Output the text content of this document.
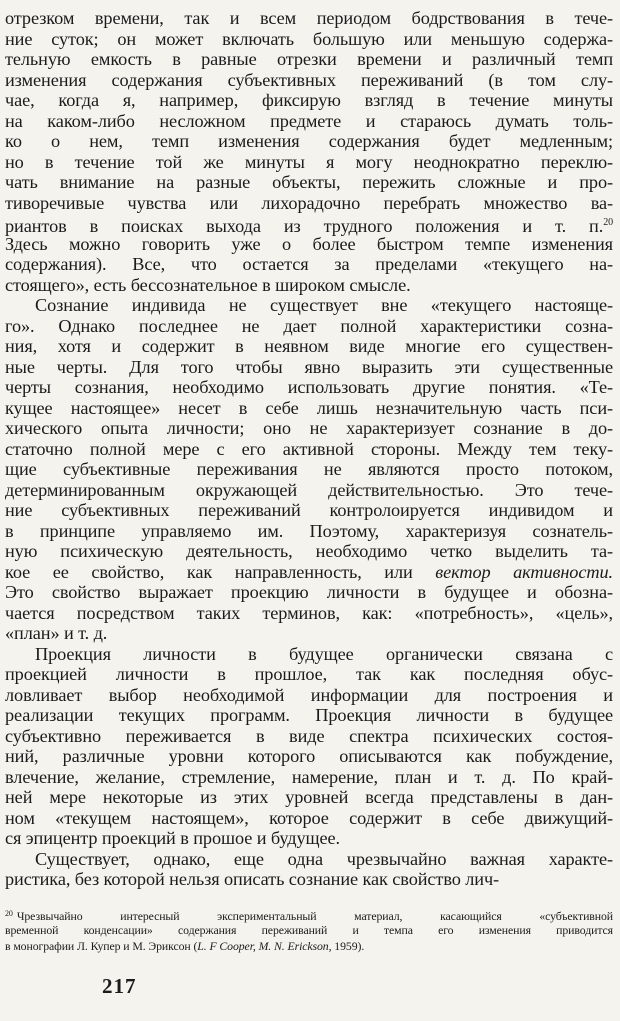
отрезком времени, так и всем периодом бодрствования в тече-
ние суток; он может включать большую или меньшую содержа-
тельную емкость в равные отрезки времени и различный темп
изменения содержания субъективных переживаний (в том слу-
чае, когда я, например, фиксирую взгляд в течение минуты
на каком-либо несложном предмете и стараюсь думать толь-
ко о нем, темп изменения содержания будет медленным;
но в течение той же минуты я могу неоднократно переклю-
чать внимание на разные объекты, пережить сложные и про-
тиворечивые чувства или лихорадочно перебрать множество ва-
риантов в поисках выхода из трудного положения и т. п.$^{20}$
Здесь можно говорить уже о более быстром темпе изменения
содержания). Все, что остается за пределами «текущего на-
стоящего», есть бессознательное в широком смысле.
Сознание индивида не существует вне «текущего настояще-
го». Однако последнее не дает полной характеристики созна-
ния, хотя и содержит в неявном виде многие его существен-
ные черты. Для того чтобы явно выразить эти существенные
черты сознания, необходимо использовать другие понятия. «Те-
кущее настоящее» несет в себе лишь незначительную часть пси-
хического опыта личности; оно не характеризует сознание в до-
статочно полной мере с его активной стороны. Между тем теку-
щие субъективные переживания не являются просто потоком,
детерминированным окружающей действительностью. Это тече-
ние субъективных переживаний контролоируется индивидом и
в принципе управляемо им. Поэтому, характеризуя сознатель-
ную психическую деятельность, необходимо четко выделить та-
кое ее свойство, как направленность, или вектор активности.
Это свойство выражает проекцию личности в будущее и обозна-
чается посредством таких терминов, как: «потребность», «цель»,
«план» и т. д.
Проекция личности в будущее органически связана с
проекцией личности в прошлое, так как последняя обус-
ловливает выбор необходимой информации для построения и
реализации текущих программ. Проекция личности в будущее
субъективно переживается в виде спектра психических состоя-
ний, различные уровни которого описываются как побуждение,
влечение, желание, стремление, намерение, план и т. д. По край-
ней мере некоторые из этих уровней всегда представлены в дан-
ном «текущем настоящем», которое содержит в себе движущий-
ся эпицентр проекций в прошое и будущее.
Существует, однако, еще одна чрезвычайно важная характе-
ристика, без которой нельзя описать сознание как свойство лич-
$^{20}$ Чрезвычайно интересный экспериментальный материал, касающийся «субъективной
временной конденсации» содержания переживаний и темпа его изменения приводится
в монографии Л. Купер и М. Эриксон (L. F Cooper, M. N. Erickson, 1959).
217
